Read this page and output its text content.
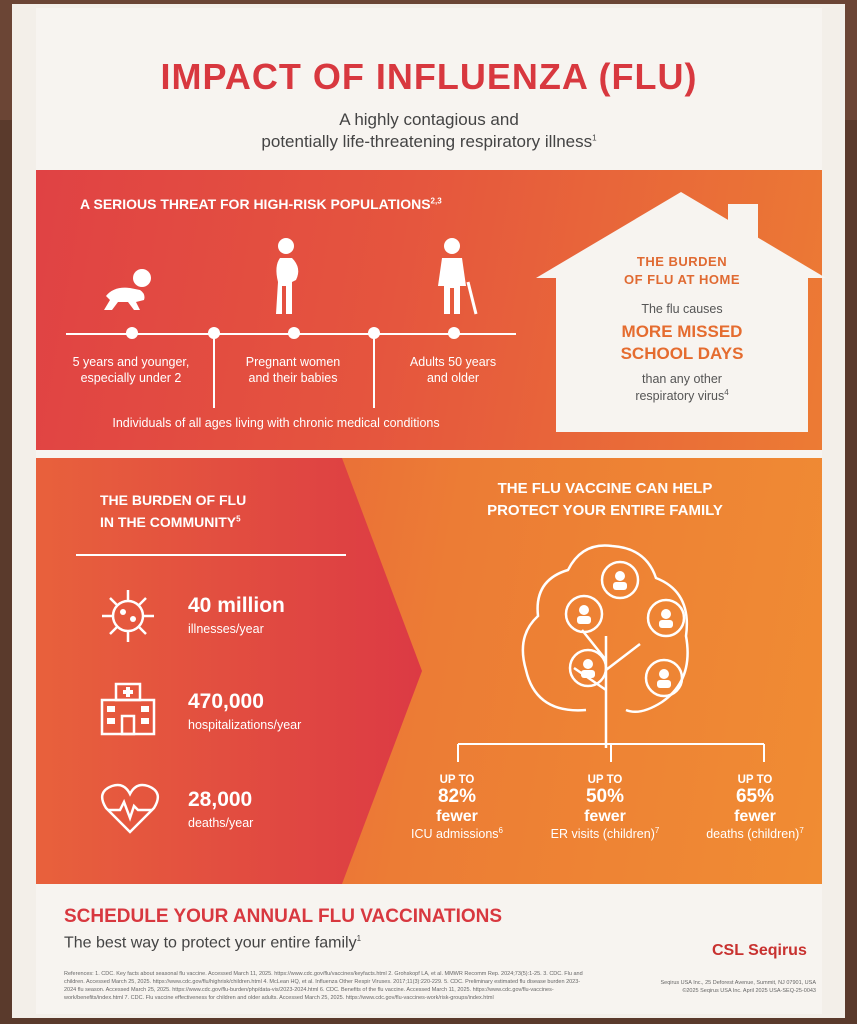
IMPACT OF INFLUENZA (FLU)
A highly contagious and
potentially life-threatening respiratory illness$^1$
A SERIOUS THREAT FOR HIGH-RISK POPULATIONS$^{2,3}$
5 years and younger,
especially under 2
Pregnant women
and their babies
Adults 50 years
and older
Individuals of all ages living with chronic medical conditions
THE BURDEN
OF FLU AT HOME
The flu causes
MORE MISSED
SCHOOL DAYS
than any other
respiratory virus$^4$
THE BURDEN OF FLU
IN THE COMMUNITY$^5$
40 million
illnesses/year
470,000
hospitalizations/year
28,000
deaths/year
THE FLU VACCINE CAN HELP
PROTECT YOUR ENTIRE FAMILY
UP TO
82%
fewer
ICU admissions$^6$
UP TO
50%
fewer
ER visits (children)$^7$
UP TO
65%
fewer
deaths (children)$^7$
SCHEDULE YOUR ANNUAL FLU VACCINATIONS
The best way to protect your entire family$^1$
References: 1. CDC. Key facts about seasonal flu vaccine. Accessed March 11, 2025. https://www.cdc.gov/flu/vaccines/keyfacts.html 2. Grohskopf LA, et al. MMWR Recomm Rep. 2024;73(5):1-25. 3. CDC. Flu and children. Accessed March 25, 2025. https://www.cdc.gov/flu/highrisk/children.html 4. McLean HQ, et al. Influenza Other Respir Viruses. 2017;11(3):220-229. 5. CDC. Preliminary estimated flu disease burden 2023-2024 flu season. Accessed March 25, 2025. https://www.cdc.gov/flu-burden/php/data-vis/2023-2024.html 6. CDC. Benefits of the flu vaccine. Accessed March 11, 2025. https://www.cdc.gov/flu-vaccines-work/benefits/index.html 7. CDC. Flu vaccine effectiveness for children and older adults. Accessed March 25, 2025. https://www.cdc.gov/flu-vaccines-work/risk-groups/index.html
CSL Seqirus
Seqirus USA Inc., 25 Deforest Avenue, Summit, NJ 07901, USA
©2025 Seqirus USA Inc. April 2025 USA-SEQ-25-0043
